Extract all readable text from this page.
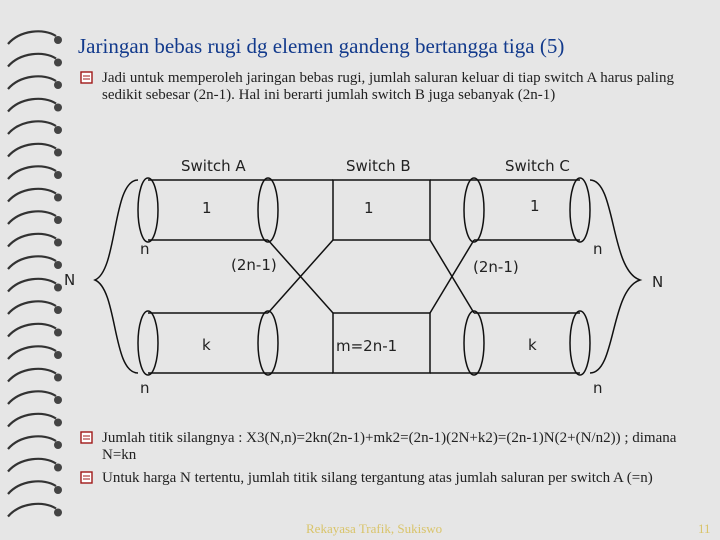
Jaringan bebas rugi dg elemen gandeng bertangga tiga (5)
Jadi untuk memperoleh jaringan bebas rugi, jumlah saluran keluar di tiap switch A harus paling sedikit sebesar (2n-1). Hal ini berarti jumlah switch B juga sebanyak (2n-1)
Switch A	Switch B	Switch C
1	1	1
k	m=2n-1	k
n	n
n	n
N	N
(2n-1)	(2n-1)
Jumlah titik silangnya : X3(N,n)=2kn(2n-1)+mk2=(2n-1)(2N+k2)=(2n-1)N(2+(N/n2)) ; dimana N=kn
Untuk harga N tertentu, jumlah titik silang tergantung atas jumlah saluran per switch A (=n)
Rekayasa Trafik, Sukiswo	11
